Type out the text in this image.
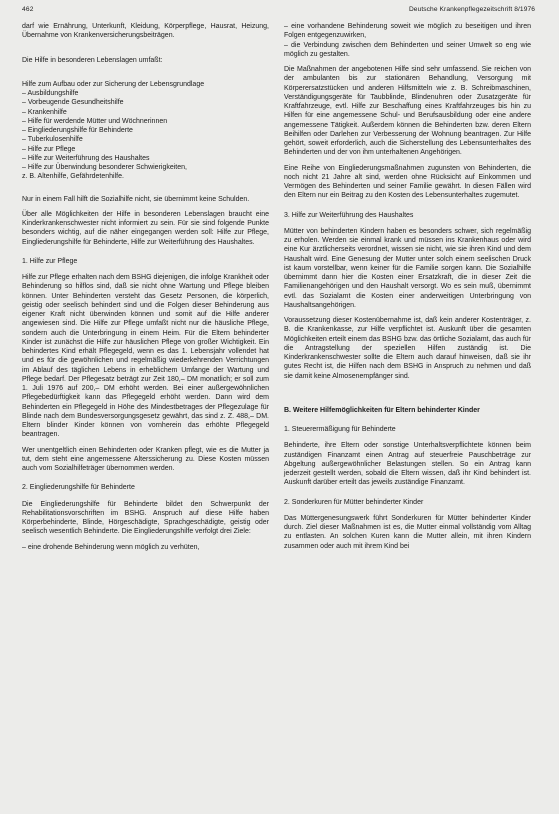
462	Deutsche Krankenpflegezeitschrift 8/1976

darf wie Ernährung, Unterkunft, Kleidung, Körperpflege, Hausrat, Heizung, Übernahme von Krankenversicherungsbeiträgen.

Die Hilfe in besonderen Lebenslagen umfaßt:

Hilfe zum Aufbau oder zur Sicherung der Lebensgrundlage

– Ausbildungshilfe
– Vorbeugende Gesundheitshilfe
– Krankenhilfe
– Hilfe für werdende Mütter und Wöchnerinnen
– Eingliederungshilfe für Behinderte
– Tuberkulosenhilfe
– Hilfe zur Pflege
– Hilfe zur Weiterführung des Haushaltes
– Hilfe zur Überwindung besonderer Schwierigkeiten,
z. B. Altenhilfe, Gefährdetenhilfe.

Nur in einem Fall hilft die Sozialhilfe nicht, sie übernimmt keine Schulden.

Über alle Möglichkeiten der Hilfe in besonderen Lebenslagen braucht eine Kinderkrankenschwester nicht informiert zu sein. Für sie sind folgende Punkte besonders wichtig, auf die näher eingegangen werden soll: Hilfe zur Pflege, Eingliederungshilfe für Behinderte, Hilfe zur Weiterführung des Haushaltes.

1. Hilfe zur Pflege

Hilfe zur Pflege erhalten nach dem BSHG diejenigen, die infolge Krankheit oder Behinderung so hilflos sind, daß sie nicht ohne Wartung und Pflege bleiben können. Unter Behinderten versteht das Gesetz Personen, die körperlich, geistig oder seelisch behindert sind und die Folgen dieser Behinderung aus eigener Kraft nicht überwinden können und somit auf die Hilfe anderer angewiesen sind. Die Hilfe zur Pflege umfaßt nicht nur die häusliche Pflege, sondern auch die Unterbringung in einem Heim. Für die Eltern behinderter Kinder ist zunächst die Hilfe zur häuslichen Pflege von großer Wichtigkeit. Ein behindertes Kind erhält Pflegegeld, wenn es das 1. Lebensjahr vollendet hat und es für die gewöhnlichen und regelmäßig wiederkehrenden Verrichtungen im Ablauf des täglichen Lebens in erheblichem Umfange der Wartung und Pflege bedarf. Der Pflegesatz beträgt zur Zeit 180,– DM monatlich; er soll zum 1. Juli 1976 auf 200,– DM erhöht werden. Bei einer außergewöhnlichen Pflegebedürftigkeit kann das Pflegegeld erhöht werden. Dann wird dem Behinderten ein Pflegegeld in Höhe des Mindestbetrages der Pflegezulage für Blinde nach dem Bundesversorgungsgesetz gewährt, das sind z. Z. 488,– DM. Eltern blinder Kinder können von vornherein das erhöhte Pflegegeld beantragen.

Wer unentgeltlich einen Behinderten oder Kranken pflegt, wie es die Mutter ja tut, dem steht eine angemessene Alterssicherung zu. Diese Kosten müssen auch vom Sozialhilfeträger übernommen werden.

2. Eingliederungshilfe für Behinderte

Die Eingliederungshilfe für Behinderte bildet den Schwerpunkt der Rehabilitationsvorschriften im BSHG. Anspruch auf diese Hilfe haben Körperbehinderte, Blinde, Hörgeschädigte, Sprachgeschädigte, geistig oder seelisch wesentlich Behinderte. Die Eingliederungshilfe verfolgt drei Ziele:

– eine drohende Behinderung wenn möglich zu verhüten,

– eine vorhandene Behinderung soweit wie möglich zu beseitigen und ihren Folgen entgegenzuwirken,

– die Verbindung zwischen dem Behinderten und seiner Umwelt so eng wie möglich zu gestalten.

Die Maßnahmen der angebotenen Hilfe sind sehr umfassend. Sie reichen von der ambulanten bis zur stationären Behandlung, Versorgung mit Körperersatzstücken und anderen Hilfsmitteln wie z. B. Schreibmaschinen, Verständigungsgeräte für Taubblinde, Blindenuhren oder Zusatzgeräte für Kraftfahrzeuge, evtl. Hilfe zur Beschaffung eines Kraftfahrzeuges bis hin zu Hilfen für eine angemessene Schul- und Berufsausbildung oder eine andere angemessene Tätigkeit. Außerdem können die Behinderten bzw. deren Eltern Beihilfen oder Darlehen zur Verbesserung der Wohnung beantragen. Zur Hilfe gehört, soweit erforderlich, auch die Sicherstellung des Lebensunterhaltes des Behinderten und der von ihm unterhaltenen Angehörigen.

Eine Reihe von Eingliederungsmaßnahmen zugunsten von Behinderten, die noch nicht 21 Jahre alt sind, werden ohne Rücksicht auf Einkommen und Vermögen des Behinderten und seiner Familie gewährt. In diesen Fällen wird den Eltern nur ein Beitrag zu den Kosten des Lebensunterhaltes zugemutet.

3. Hilfe zur Weiterführung des Haushaltes

Mütter von behinderten Kindern haben es besonders schwer, sich regelmäßig zu erholen. Werden sie einmal krank und müssen ins Krankenhaus oder wird eine Kur ärztlicherseits verordnet, wissen sie nicht, wie sie ihren Kind und dem Haushalt wird. Eine Genesung der Mutter unter solch einem seelischen Druck ist kaum vorstellbar, wenn keiner für die Familie sorgen kann. Die Sozialhilfe übernimmt dann hier die Kosten einer Ersatzkraft, die in dieser Zeit die Familienangehörigen und den Haushalt versorgt. Wo es sein muß, übernimmt evtl. das Sozialamt die Kosten einer anderweitigen Unterbringung von Haushaltsangehörigen.

Voraussetzung dieser Kostenübernahme ist, daß kein anderer Kostenträger, z. B. die Krankenkasse, zur Hilfe verpflichtet ist. Auskunft über die gesamten Möglichkeiten erteilt einem das BSHG bzw. das örtliche Sozialamt, das auch für die Antragstellung der speziellen Hilfen zuständig ist. Die Kinderkrankenschwester sollte die Eltern auch darauf hinweisen, daß sie ihr gutes Recht ist, die Hilfen nach dem BSHG in Anspruch zu nehmen und daß sie damit keine Almosenempfänger sind.

B. Weitere Hilfemöglichkeiten für Eltern behinderter Kinder

1. Steuerermäßigung für Behinderte

Behinderte, ihre Eltern oder sonstige Unterhaltsverpflichtete können beim zuständigen Finanzamt einen Antrag auf steuerfreie Pauschbeträge zur Abgeltung außergewöhnlicher Belastungen stellen. So ein Antrag kann jederzeit gestellt werden, sobald die Eltern wissen, daß ihr Kind behindert ist. Auskunft darüber erteilt das jeweils zuständige Finanzamt.

2. Sonderkuren für Mütter behinderter Kinder

Das Müttergenesungswerk führt Sonderkuren für Mütter behinderter Kinder durch. Ziel dieser Maßnahmen ist es, die Mutter einmal vollständig vom Alltag zu entlasten. An solchen Kuren kann die Mutter allein, mit ihren Kindern zusammen oder auch mit ihrem Kind bei
